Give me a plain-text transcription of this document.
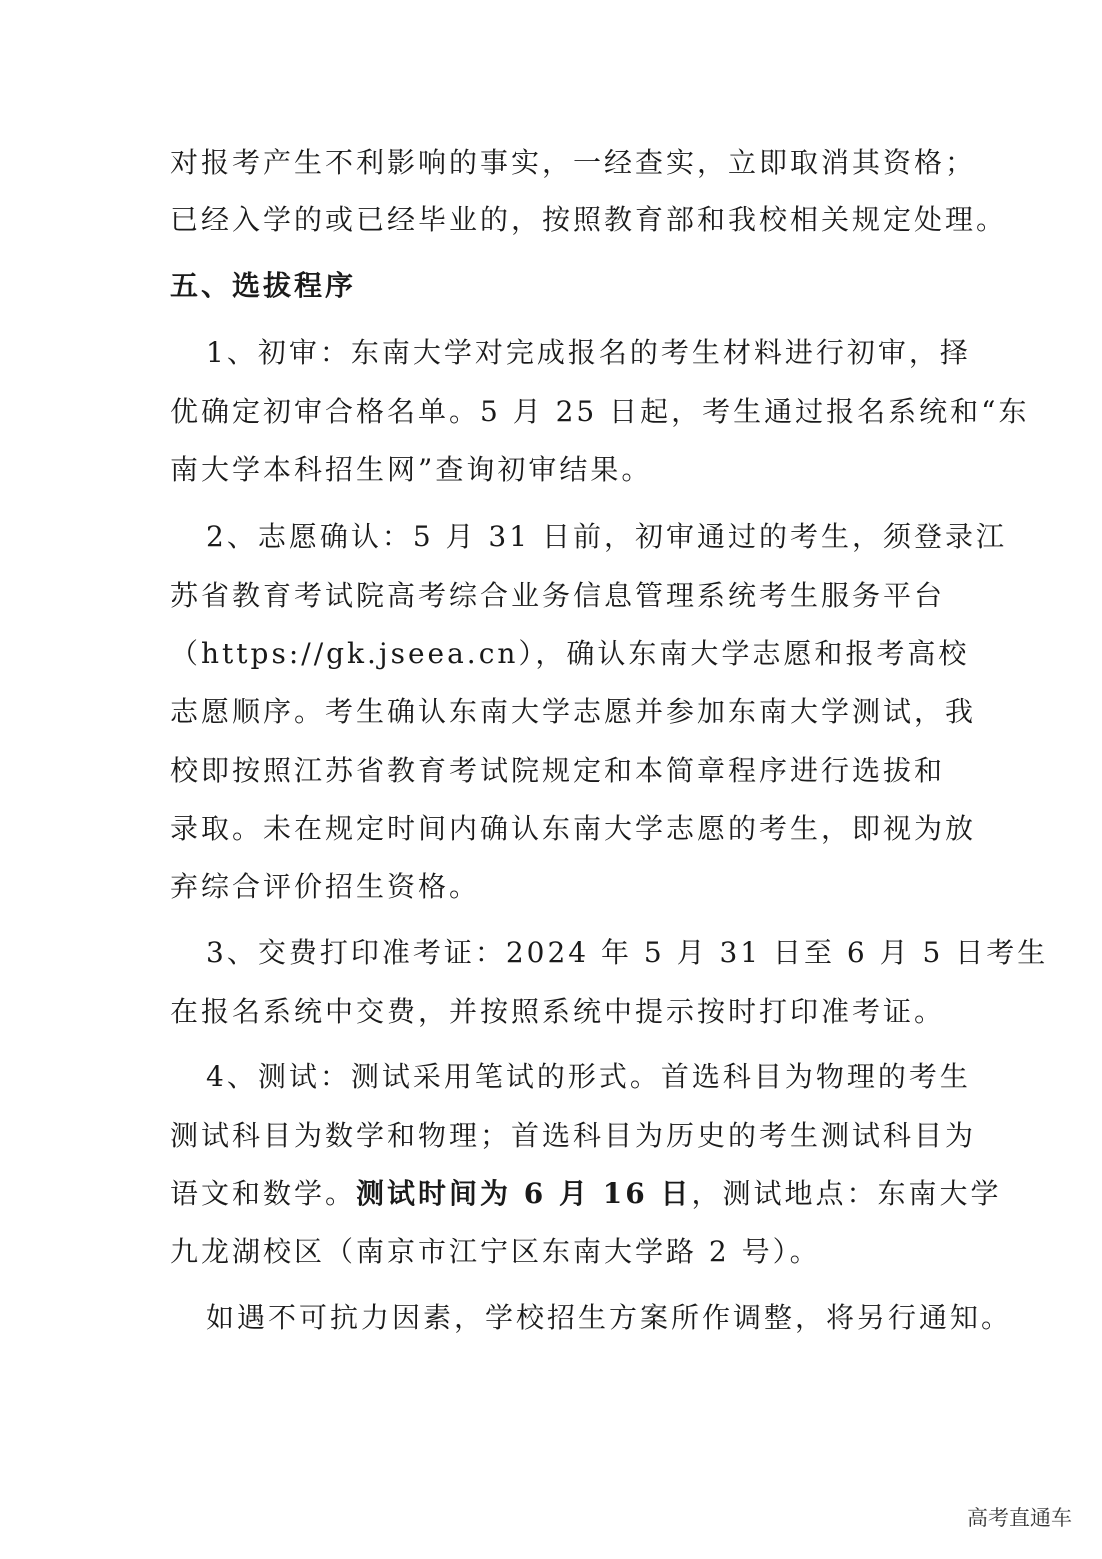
对报考产生不利影响的事实，一经查实，立即取消其资格；
已经入学的或已经毕业的，按照教育部和我校相关规定处理。
五、选拔程序
1、初审：东南大学对完成报名的考生材料进行初审，择
优确定初审合格名单。5 月 25 日起，考生通过报名系统和“东
南大学本科招生网”查询初审结果。
2、志愿确认：5 月 31 日前，初审通过的考生，须登录江
苏省教育考试院高考综合业务信息管理系统考生服务平台
（https://gk.jseea.cn），确认东南大学志愿和报考高校
志愿顺序。考生确认东南大学志愿并参加东南大学测试，我
校即按照江苏省教育考试院规定和本简章程序进行选拔和
录取。未在规定时间内确认东南大学志愿的考生，即视为放
弃综合评价招生资格。
3、交费打印准考证：2024 年 5 月 31 日至 6 月 5 日考生
在报名系统中交费，并按照系统中提示按时打印准考证。
4、测试：测试采用笔试的形式。首选科目为物理的考生
测试科目为数学和物理；首选科目为历史的考生测试科目为
语文和数学。测试时间为 6 月 16 日，测试地点：东南大学
九龙湖校区（南京市江宁区东南大学路 2 号）。
如遇不可抗力因素，学校招生方案所作调整，将另行通知。
高考直通车
